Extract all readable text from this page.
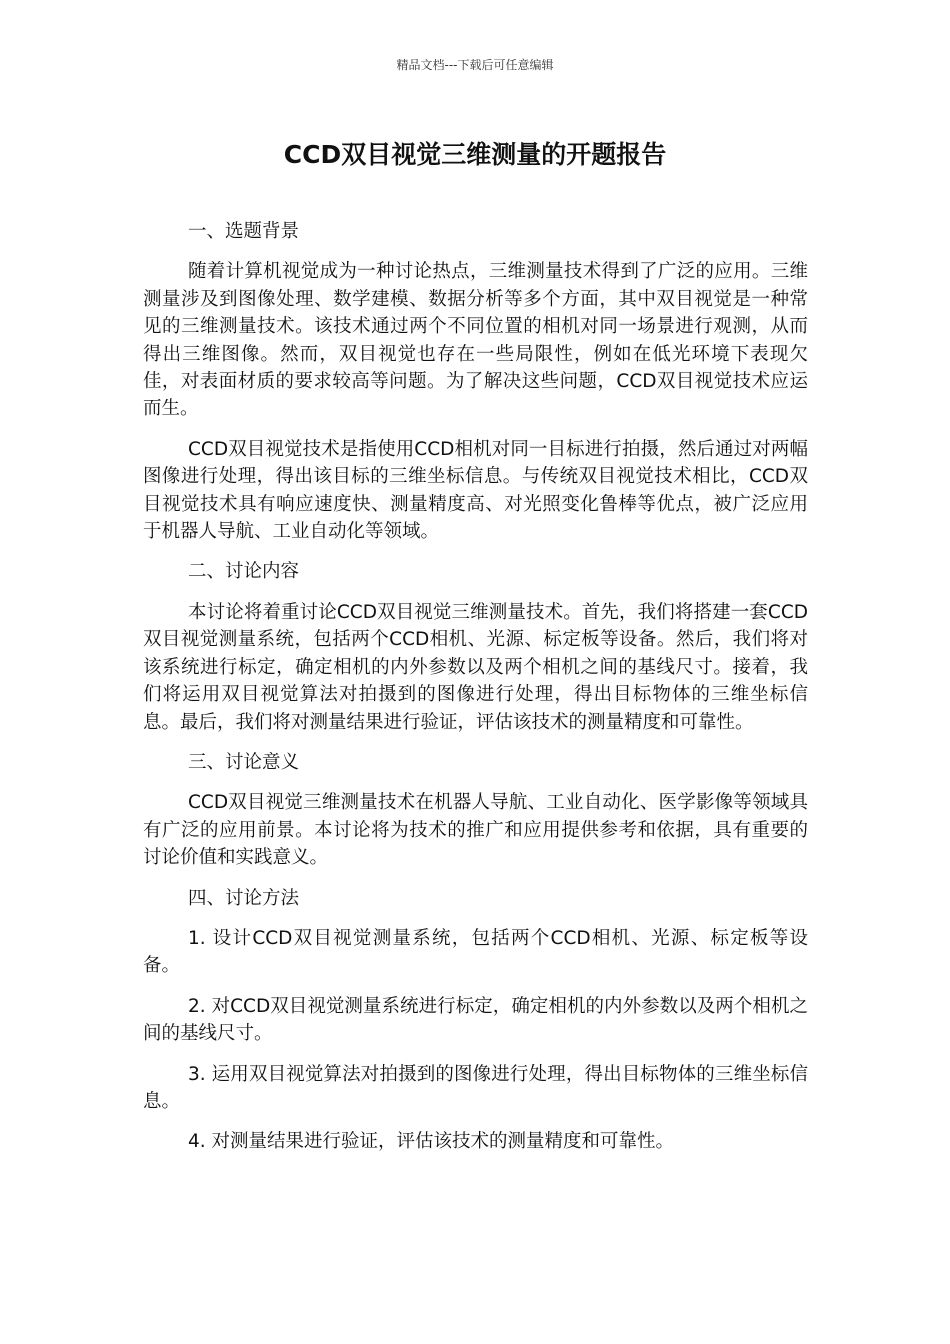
精品文档---下载后可任意编辑
CCD双目视觉三维测量的开题报告
一、选题背景

随着计算机视觉成为一种讨论热点，三维测量技术得到了广泛的应用。三维测量涉及到图像处理、数学建模、数据分析等多个方面，其中双目视觉是一种常见的三维测量技术。该技术通过两个不同位置的相机对同一场景进行观测，从而得出三维图像。然而，双目视觉也存在一些局限性，例如在低光环境下表现欠佳，对表面材质的要求较高等问题。为了解决这些问题，CCD双目视觉技术应运而生。

CCD双目视觉技术是指使用CCD相机对同一目标进行拍摄，然后通过对两幅图像进行处理，得出该目标的三维坐标信息。与传统双目视觉技术相比，CCD双目视觉技术具有响应速度快、测量精度高、对光照变化鲁棒等优点，被广泛应用于机器人导航、工业自动化等领域。

二、讨论内容

本讨论将着重讨论CCD双目视觉三维测量技术。首先，我们将搭建一套CCD双目视觉测量系统，包括两个CCD相机、光源、标定板等设备。然后，我们将对该系统进行标定，确定相机的内外参数以及两个相机之间的基线尺寸。接着，我们将运用双目视觉算法对拍摄到的图像进行处理，得出目标物体的三维坐标信息。最后，我们将对测量结果进行验证，评估该技术的测量精度和可靠性。

三、讨论意义

CCD双目视觉三维测量技术在机器人导航、工业自动化、医学影像等领域具有广泛的应用前景。本讨论将为技术的推广和应用提供参考和依据，具有重要的讨论价值和实践意义。

四、讨论方法

1. 设计CCD双目视觉测量系统，包括两个CCD相机、光源、标定板等设备。

2. 对CCD双目视觉测量系统进行标定，确定相机的内外参数以及两个相机之间的基线尺寸。

3. 运用双目视觉算法对拍摄到的图像进行处理，得出目标物体的三维坐标信息。

4. 对测量结果进行验证，评估该技术的测量精度和可靠性。
